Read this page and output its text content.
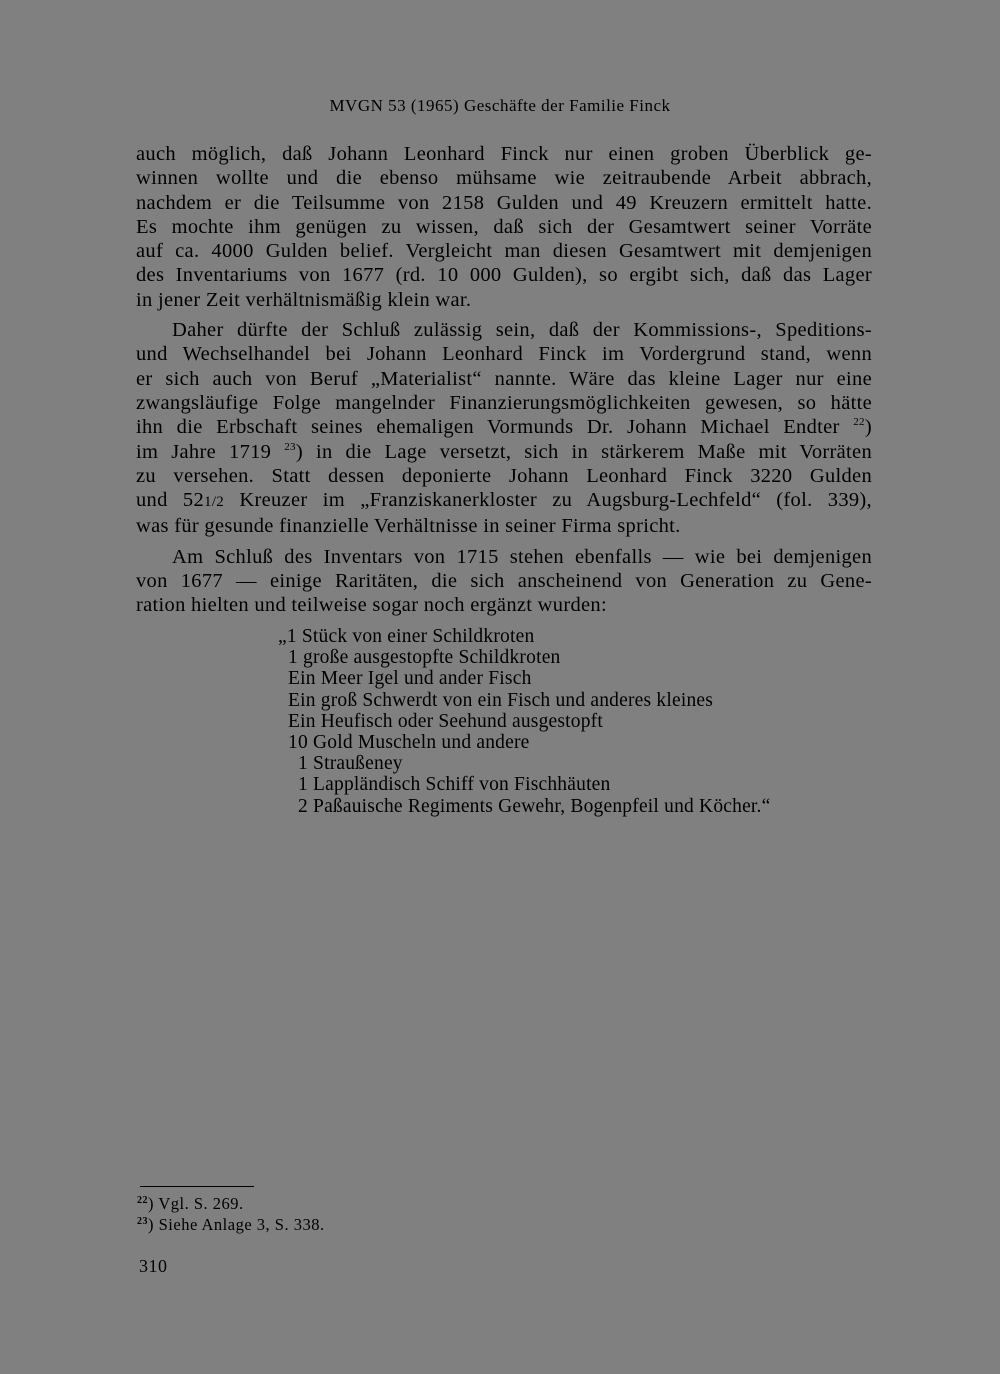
MVGN 53 (1965) Geschäfte der Familie Finck

auch möglich, daß Johann Leonhard Finck nur einen groben Überblick ge-
winnen wollte und die ebenso mühsame wie zeitraubende Arbeit abbrach,
nachdem er die Teilsumme von 2158 Gulden und 49 Kreuzern ermittelt hatte.
Es mochte ihm genügen zu wissen, daß sich der Gesamtwert seiner Vorräte
auf ca. 4000 Gulden belief. Vergleicht man diesen Gesamtwert mit demjenigen
des Inventariums von 1677 (rd. 10 000 Gulden), so ergibt sich, daß das Lager
in jener Zeit verhältnismäßig klein war.

Daher dürfte der Schluß zulässig sein, daß der Kommissions-, Speditions-
und Wechselhandel bei Johann Leonhard Finck im Vordergrund stand, wenn
er sich auch von Beruf „Materialist“ nannte. Wäre das kleine Lager nur eine
zwangsläufige Folge mangelnder Finanzierungsmöglichkeiten gewesen, so hätte
ihn die Erbschaft seines ehemaligen Vormunds Dr. Johann Michael Endter $^{22}$)
im Jahre 1719 $^{23}$) in die Lage versetzt, sich in stärkerem Maße mit Vorräten
zu versehen. Statt dessen deponierte Johann Leonhard Finck 3220 Gulden
und 521/2 Kreuzer im „Franziskanerkloster zu Augsburg-Lechfeld“ (fol. 339),
was für gesunde finanzielle Verhältnisse in seiner Firma spricht.

Am Schluß des Inventars von 1715 stehen ebenfalls — wie bei demjenigen
von 1677 — einige Raritäten, die sich anscheinend von Generation zu Gene-
ration hielten und teilweise sogar noch ergänzt wurden:

„1 Stück von einer Schildkroten
1 große ausgestopfte Schildkroten
Ein Meer Igel und ander Fisch
Ein groß Schwerdt von ein Fisch und anderes kleines
Ein Heufisch oder Seehund ausgestopft
10 Gold Muscheln und andere
1 Straußeney
1 Lappländisch Schiff von Fischhäuten
2 Paßauische Regiments Gewehr, Bogenpfeil und Köcher.“
$^{22}$) Vgl. S. 269.
$^{23}$) Siehe Anlage 3, S. 338.
310
